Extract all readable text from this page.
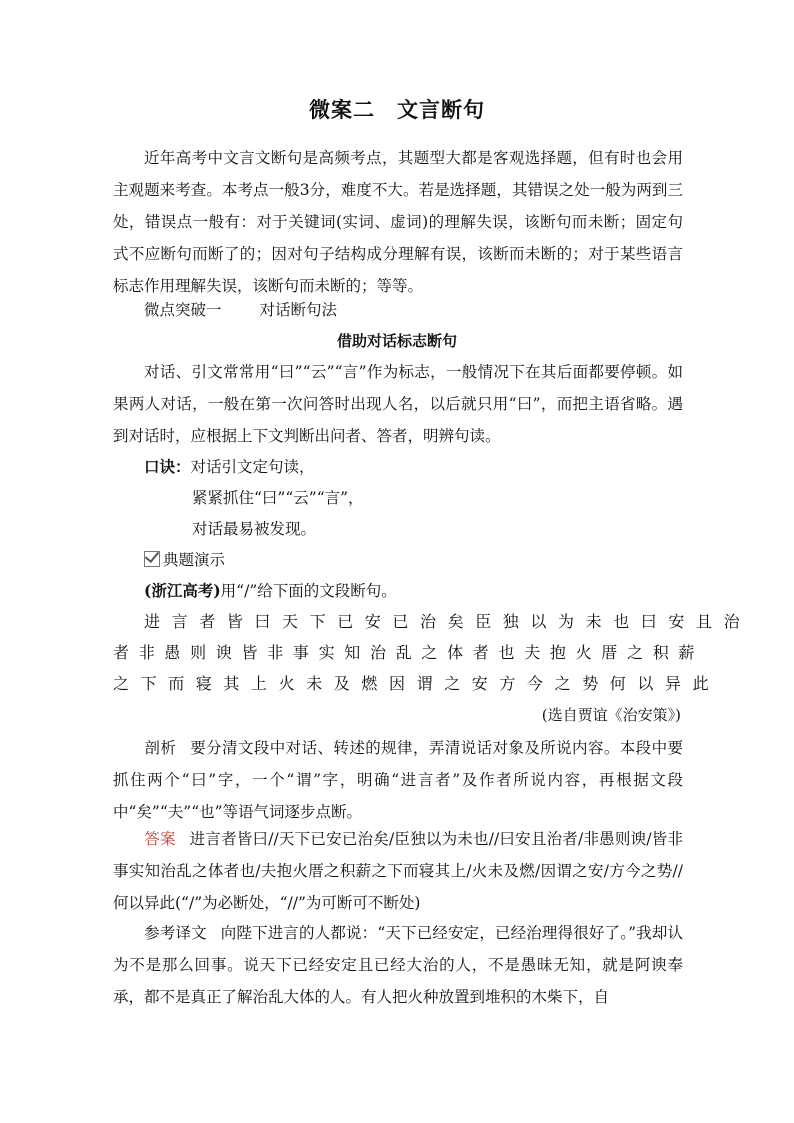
微案二　文言断句
近年高考中文言文断句是高频考点，其题型大都是客观选择题，但有时也会用主观题来考查。本考点一般3分，难度不大。若是选择题，其错误之处一般为两到三处，错误点一般有：对于关键词(实词、虚词)的理解失误，该断句而未断；固定句式不应断句而断了的；因对句子结构成分理解有误，该断而未断的；对于某些语言标志作用理解失误，该断句而未断的；等等。
微点突破一 对话断句法
借助对话标志断句
对话、引文常常用“曰”“云”“言”作为标志，一般情况下在其后面都要停顿。如果两人对话，一般在第一次问答时出现人名，以后就只用“曰”，而把主语省略。遇到对话时，应根据上下文判断出问者、答者，明辨句读。
口诀：对话引文定句读，
紧紧抓住“曰”“云”“言”，
对话最易被发现。
典题演示
(浙江高考)用“/”给下面的文段断句。
进言者皆曰天下已安已治矣臣独以为未也曰安且治
者非愚则谀皆非事实知治乱之体者也夫抱火厝之积薪
之下而寝其上火未及燃因谓之安方今之势何以异此
(选自贾谊《治安策》)
剖析 要分清文段中对话、转述的规律，弄清说话对象及所说内容。本段中要抓住两个“曰”字，一个“谓”字，明确“进言者”及作者所说内容，再根据文段中“矣”“夫”“也”等语气词逐步点断。
答案 进言者皆曰//天下已安已治矣/臣独以为未也//曰安且治者/非愚则谀/皆非事实知治乱之体者也/夫抱火厝之积薪之下而寝其上/火未及燃/因谓之安/方今之势//何以异此(“/”为必断处，“//”为可断可不断处)
参考译文 向陛下进言的人都说：“天下已经安定，已经治理得很好了。”我却认为不是那么回事。说天下已经安定且已经大治的人，不是愚昧无知，就是阿谀奉承，都不是真正了解治乱大体的人。有人把火种放置到堆积的木柴下，自
